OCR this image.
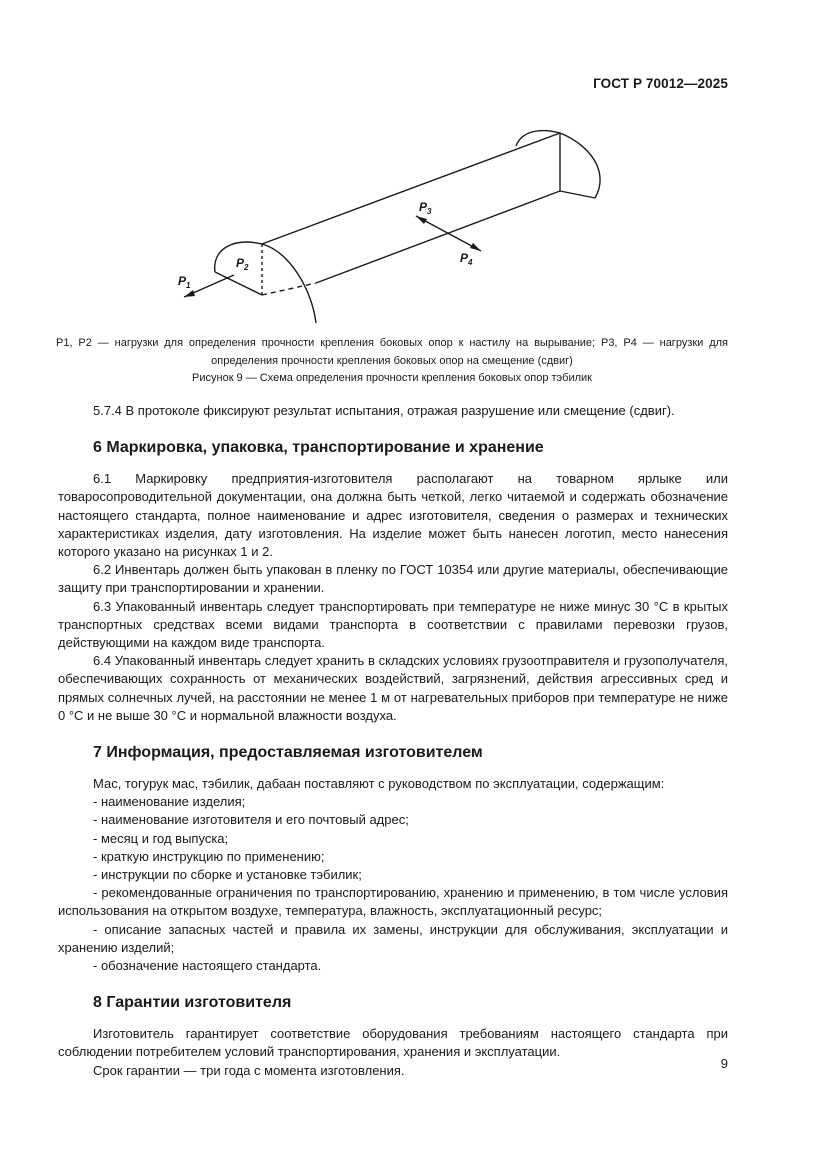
ГОСТ Р 70012—2025
$P_1$
$P_2$
$P_3$
$P_4$
P1, P2 — нагрузки для определения прочности крепления боковых опор к настилу на вырывание; P3, P4 — нагрузки для
определения прочности крепления боковых опор на смещение (сдвиг)
Рисунок 9 — Схема определения прочности крепления боковых опор тэбилик

5.7.4 В протоколе фиксируют результат испытания, отражая разрушение или смещение (сдвиг).

6 Маркировка, упаковка, транспортирование и хранение

6.1 Маркировку предприятия-изготовителя располагают на товарном ярлыке или товаросопроводительной документации, она должна быть четкой, легко читаемой и содержать обозначение настоящего стандарта, полное наименование и адрес изготовителя, сведения о размерах и технических характеристиках изделия, дату изготовления. На изделие может быть нанесен логотип, место нанесения которого указано на рисунках 1 и 2.

6.2 Инвентарь должен быть упакован в пленку по ГОСТ 10354 или другие материалы, обеспечивающие защиту при транспортировании и хранении.

6.3 Упакованный инвентарь следует транспортировать при температуре не ниже минус 30 °С в крытых транспортных средствах всеми видами транспорта в соответствии с правилами перевозки грузов, действующими на каждом виде транспорта.

6.4 Упакованный инвентарь следует хранить в складских условиях грузоотправителя и грузополучателя, обеспечивающих сохранность от механических воздействий, загрязнений, действия агрессивных сред и прямых солнечных лучей, на расстоянии не менее 1 м от нагревательных приборов при температуре не ниже 0 °С и не выше 30 °С и нормальной влажности воздуха.

7 Информация, предоставляемая изготовителем

Мас, тогурук мас, тэбилик, дабаан поставляют с руководством по эксплуатации, содержащим:

- наименование изделия;

- наименование изготовителя и его почтовый адрес;

- месяц и год выпуска;

- краткую инструкцию по применению;

- инструкции по сборке и установке тэбилик;

- рекомендованные ограничения по транспортированию, хранению и применению, в том числе условия использования на открытом воздухе, температура, влажность, эксплуатационный ресурс;

- описание запасных частей и правила их замены, инструкции для обслуживания, эксплуатации и хранению изделий;

- обозначение настоящего стандарта.

8 Гарантии изготовителя

Изготовитель гарантирует соответствие оборудования требованиям настоящего стандарта при соблюдении потребителем условий транспортирования, хранения и эксплуатации.

Срок гарантии — три года с момента изготовления.	9
